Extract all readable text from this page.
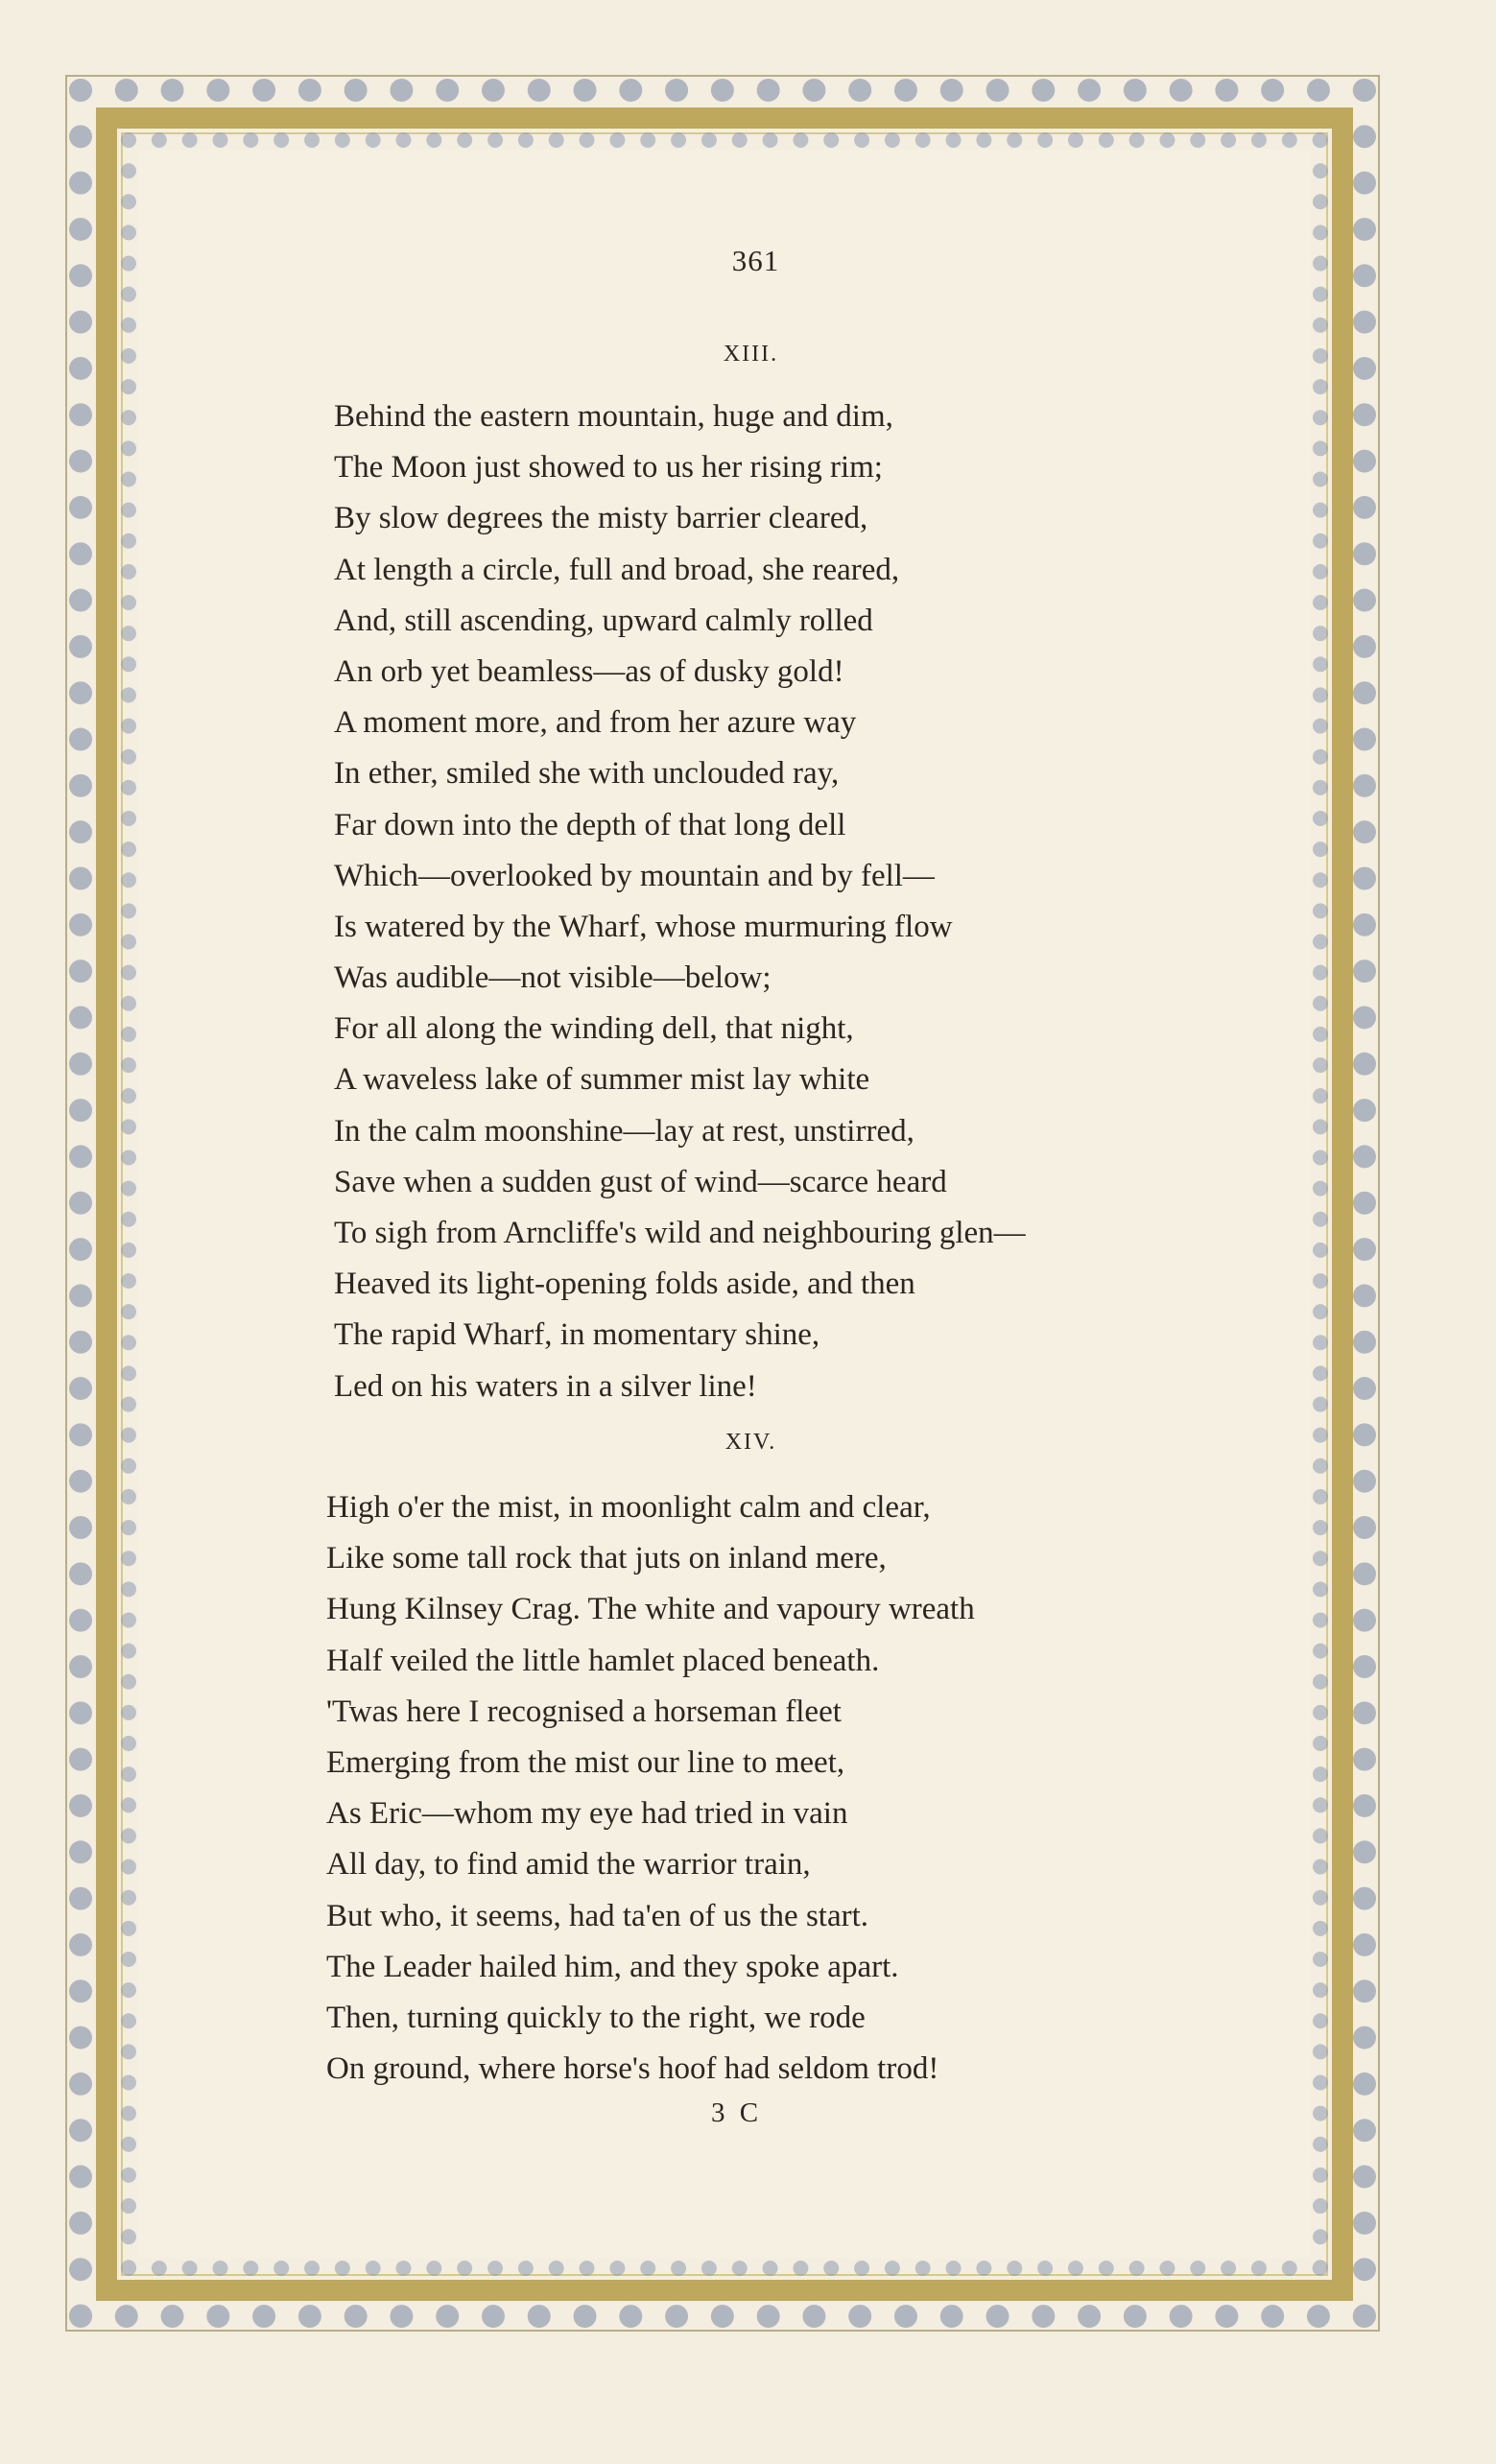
361
XIII.
Behind the eastern mountain, huge and dim,
The Moon just showed to us her rising rim;
By slow degrees the misty barrier cleared,
At length a circle, full and broad, she reared,
And, still ascending, upward calmly rolled
An orb yet beamless—as of dusky gold!
A moment more, and from her azure way
In ether, smiled she with unclouded ray,
Far down into the depth of that long dell
Which—overlooked by mountain and by fell—
Is watered by the Wharf, whose murmuring flow
Was audible—not visible—below;
For all along the winding dell, that night,
A waveless lake of summer mist lay white
In the calm moonshine—lay at rest, unstirred,
Save when a sudden gust of wind—scarce heard
To sigh from Arncliffe's wild and neighbouring glen—
Heaved its light-opening folds aside, and then
The rapid Wharf, in momentary shine,
Led on his waters in a silver line!
XIV.
High o'er the mist, in moonlight calm and clear,
Like some tall rock that juts on inland mere,
Hung Kilnsey Crag. The white and vapoury wreath
Half veiled the little hamlet placed beneath.
'Twas here I recognised a horseman fleet
Emerging from the mist our line to meet,
As Eric—whom my eye had tried in vain
All day, to find amid the warrior train,
But who, it seems, had ta'en of us the start.
The Leader hailed him, and they spoke apart.
Then, turning quickly to the right, we rode
On ground, where horse's hoof had seldom trod!
3 C
